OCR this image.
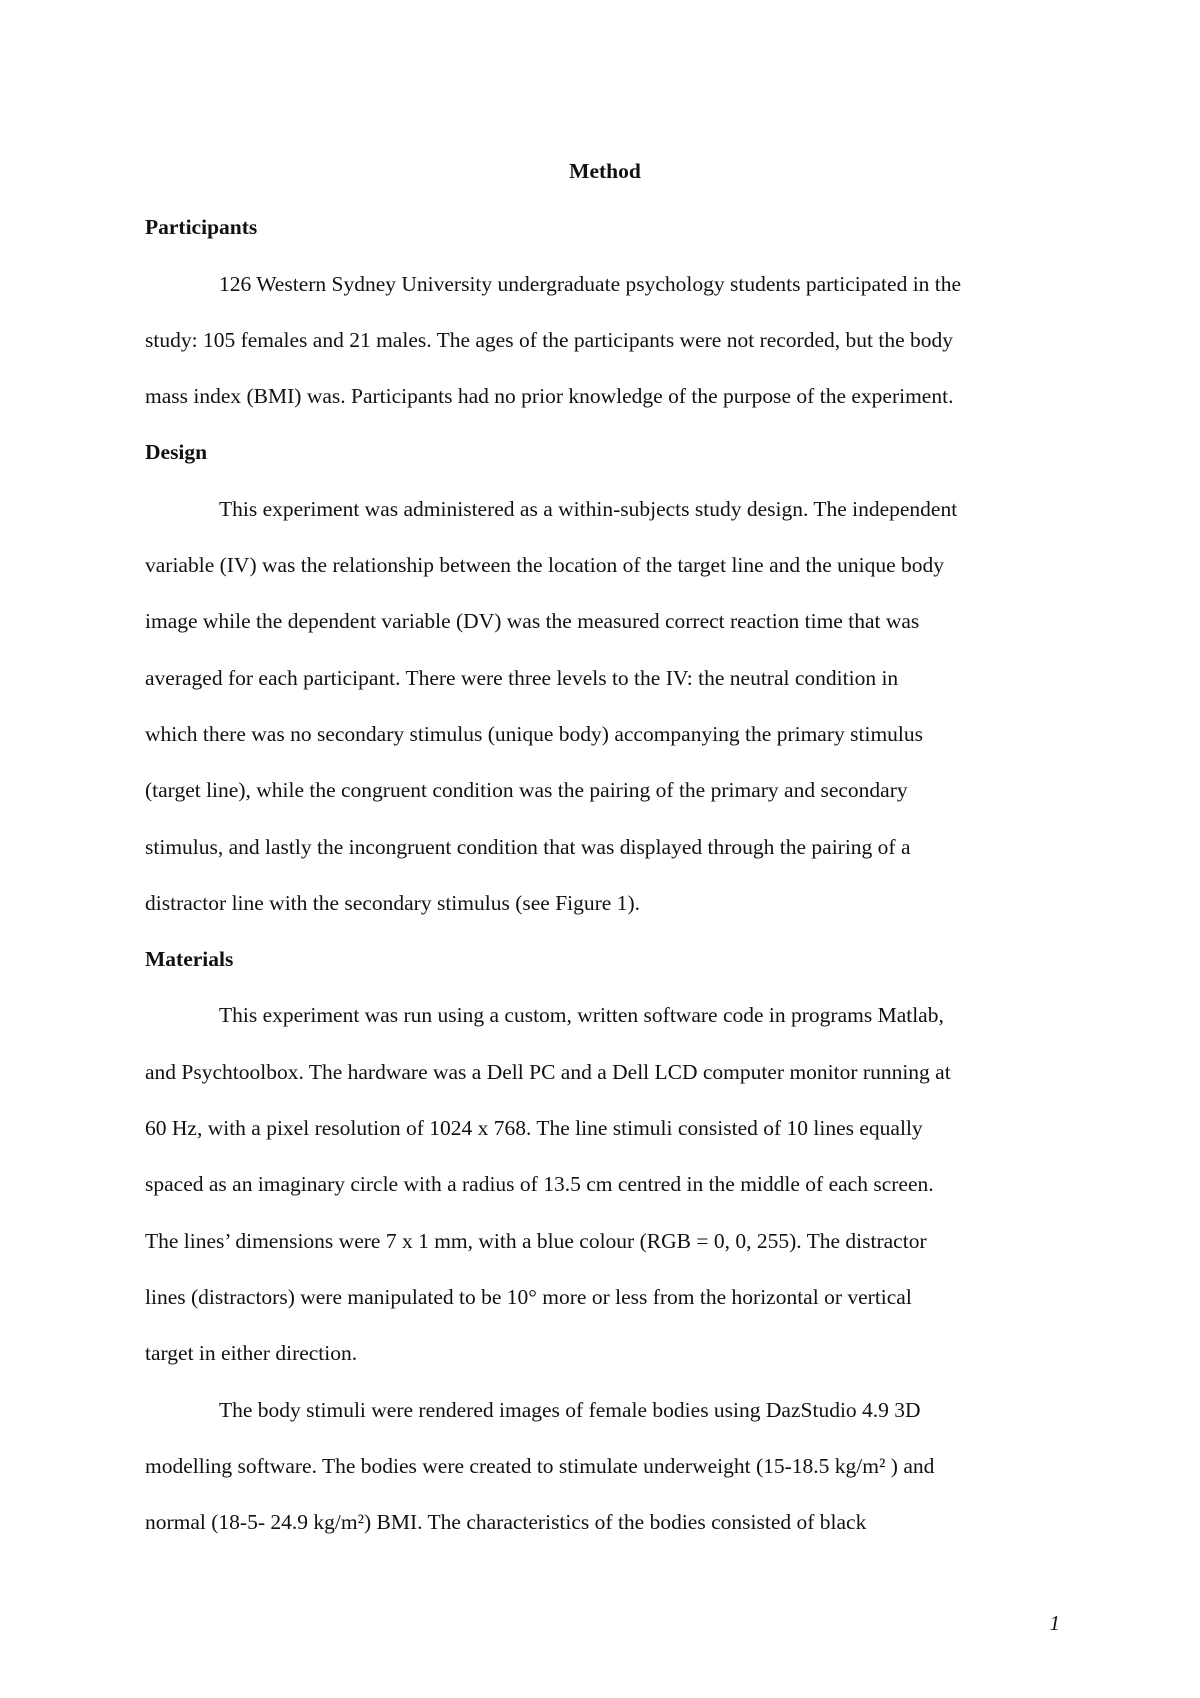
Method
Participants

126 Western Sydney University undergraduate psychology students participated in the
study: 105 females and 21 males. The ages of the participants were not recorded, but the body
mass index (BMI) was. Participants had no prior knowledge of the purpose of the experiment.

Design

This experiment was administered as a within-subjects study design. The independent
variable (IV) was the relationship between the location of the target line and the unique body
image while the dependent variable (DV) was the measured correct reaction time that was
averaged for each participant. There were three levels to the IV: the neutral condition in
which there was no secondary stimulus (unique body) accompanying the primary stimulus
(target line), while the congruent condition was the pairing of the primary and secondary
stimulus, and lastly the incongruent condition that was displayed through the pairing of a
distractor line with the secondary stimulus (see Figure 1).

Materials

This experiment was run using a custom, written software code in programs Matlab,
and Psychtoolbox. The hardware was a Dell PC and a Dell LCD computer monitor running at
60 Hz, with a pixel resolution of 1024 x 768. The line stimuli consisted of 10 lines equally
spaced as an imaginary circle with a radius of 13.5 cm centred in the middle of each screen.
The lines’ dimensions were 7 x 1 mm, with a blue colour (RGB = 0, 0, 255). The distractor
lines (distractors) were manipulated to be 10° more or less from the horizontal or vertical
target in either direction.

The body stimuli were rendered images of female bodies using DazStudio 4.9 3D
modelling software. The bodies were created to stimulate underweight (15-18.5 kg/m² ) and
normal (18-5- 24.9 kg/m²) BMI. The characteristics of the bodies consisted of black

1
